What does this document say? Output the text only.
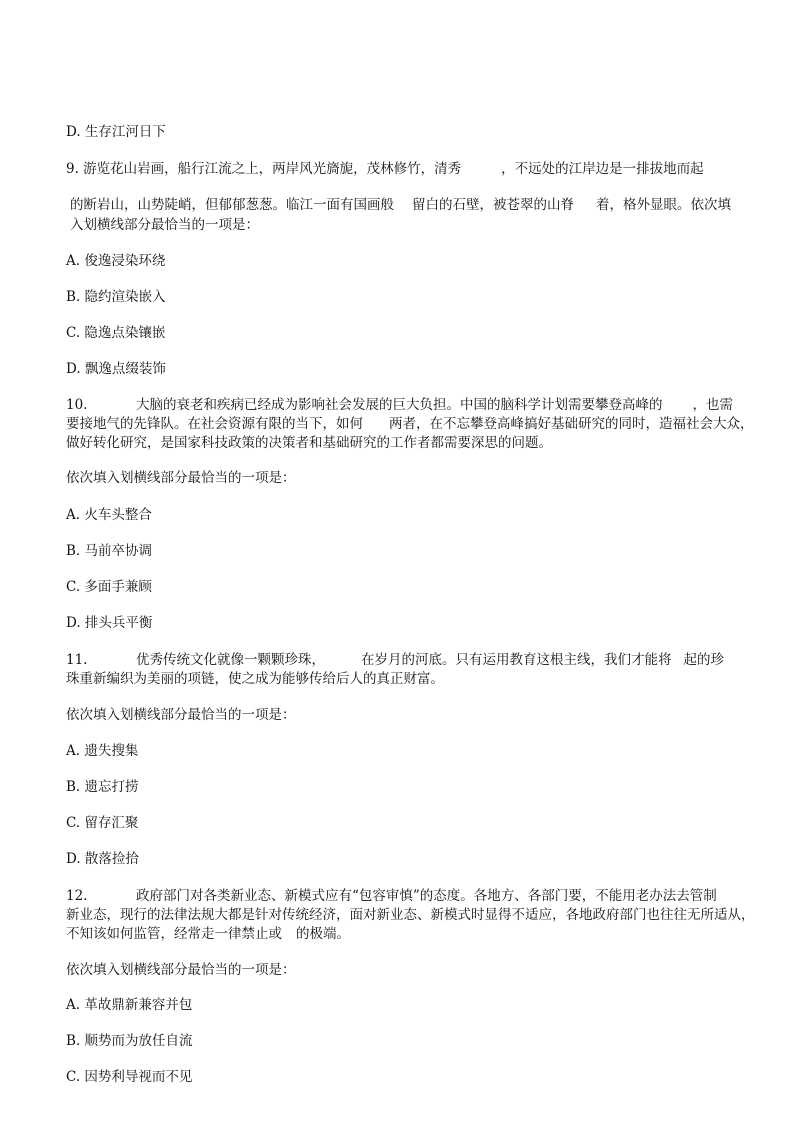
D. 生存江河日下
9. 游览花山岩画，船行江流之上，两岸风光旖旎，茂林修竹，清秀	，不远处的江岸边是一排拔地而起
的断岩山，山势陡峭，但郁郁葱葱。临江一面有国画般 留白的石壁，被苍翠的山脊 着，格外显眼。依次填
入划横线部分最恰当的一项是：
A. 俊逸浸染环绕
B. 隐约渲染嵌入
C. 隐逸点染镶嵌
D. 飘逸点缀装饰
10.	大脑的衰老和疾病已经成为影响社会发展的巨大负担。中国的脑科学计划需要攀登高峰的 ，也需
要接地气的先锋队。在社会资源有限的当下，如何 两者，在不忘攀登高峰搞好基础研究的同时，造福社会大众，
做好转化研究，是国家科技政策的决策者和基础研究的工作者都需要深思的问题。
依次填入划横线部分最恰当的一项是：
A. 火车头整合
B. 马前卒协调
C. 多面手兼顾
D. 排头兵平衡
11.	优秀传统文化就像一颗颗珍珠，	在岁月的河底。只有运用教育这根主线，我们才能将 起的珍
珠重新编织为美丽的项链，使之成为能够传给后人的真正财富。
依次填入划横线部分最恰当的一项是：
A. 遗失搜集
B. 遗忘打捞
C. 留存汇聚
D. 散落捡拾
12.	政府部门对各类新业态、新模式应有“包容审慎”的态度。各地方、各部门要，不能用老办法去管制
新业态，现行的法律法规大都是针对传统经济，面对新业态、新模式时显得不适应，各地政府部门也往往无所适从，
不知该如何监管，经常走一律禁止或 的极端。
依次填入划横线部分最恰当的一项是：
A. 革故鼎新兼容并包
B. 顺势而为放任自流
C. 因势利导视而不见
